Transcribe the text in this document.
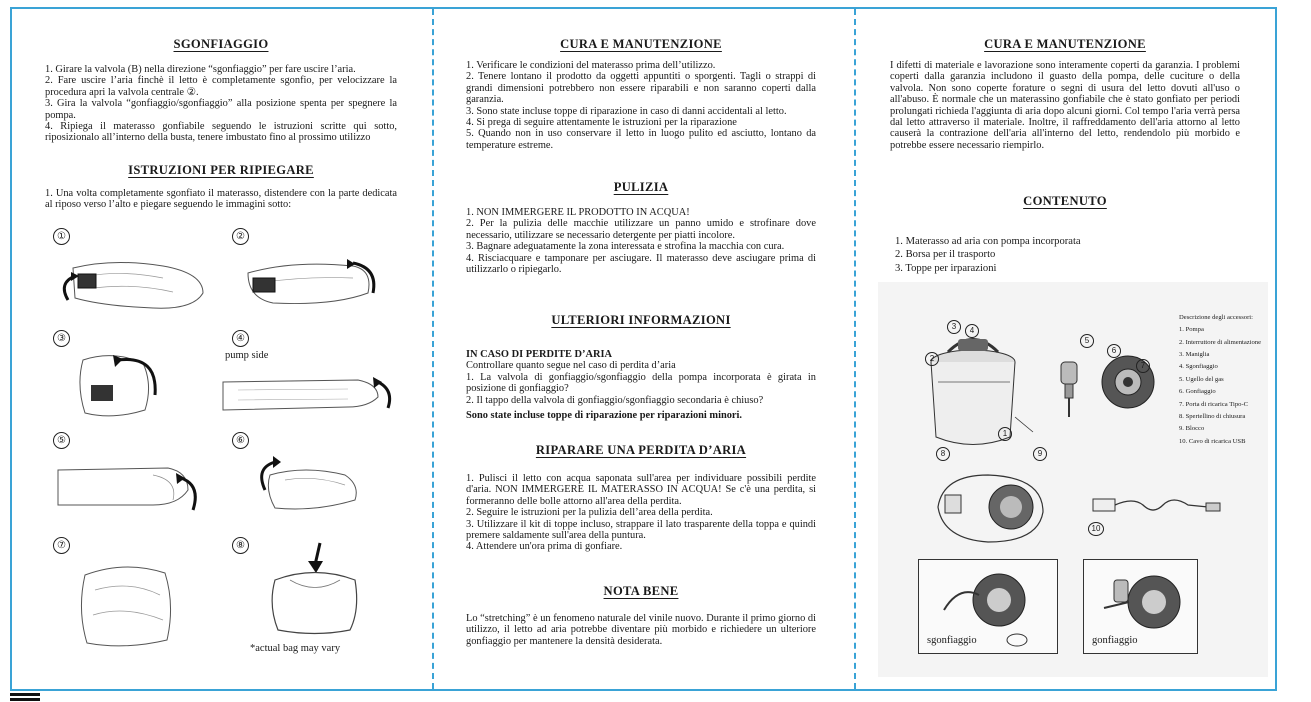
SGONFIAGGIO

1. Girare la valvola (B) nella direzione “sgonfiaggio” per fare uscire l’aria.

2. Fare uscire l’aria finchè il letto è completamente sgonfio, per velocizzare la procedura apri la valvola centrale ②.

3. Gira la valvola “gonfiaggio/sgonfiaggio” alla posizione spenta per spegnere la pompa.

4. Ripiega il materasso gonfiabile seguendo le istruzioni scritte qui sotto, riposizionalo all’interno della busta, tenere imbustato fino al prossimo utilizzo

ISTRUZIONI PER RIPIEGARE

1. Una volta completamente sgonfiato il materasso, distendere con la parte dedicata al riposo verso l’alto e piegare seguendo le immagini sotto:

①	②
③	④
⑤	⑥
⑦	⑧
pump side
*actual bag may vary
CURA E MANUTENZIONE

1. Verificare le condizioni del materasso prima dell’utilizzo.

2. Tenere lontano il prodotto da oggetti appuntiti o sporgenti. Tagli o strappi di grandi dimensioni potrebbero non essere riparabili e non saranno coperti dalla garanzia.

3. Sono state incluse toppe di riparazione in caso di danni accidentali al letto.

4. Si prega di seguire attentamente le istruzioni per la riparazione

5. Quando non in uso conservare il letto in luogo pulito ed asciutto, lontano da temperature estreme.

PULIZIA

1. NON IMMERGERE IL PRODOTTO IN ACQUA!

2. Per la pulizia delle macchie utilizzare un panno umido e strofinare dove necessario, utilizzare se necessario detergente per piatti incolore.

3. Bagnare adeguatamente la zona interessata e strofina la macchia con cura.

4. Risciacquare e tamponare per asciugare. Il materasso deve asciugare prima di utilizzarlo o ripiegarlo.

ULTERIORI INFORMAZIONI

IN CASO DI PERDITE D’ARIA

Controllare quanto segue nel caso di perdita d’aria

1. La valvola di gonfiaggio/sgonfiaggio della pompa incorporata è girata in posizione di gonfiaggio?

2. Il tappo della valvola di gonfiaggio/sgonfiaggio secondaria è chiuso?

Sono state incluse toppe di riparazione per riparazioni minori.

RIPARARE UNA PERDITA D’ARIA

1. Pulisci il letto con acqua saponata sull'area per individuare possibili perdite d'aria. NON IMMERGERE IL MATERASSO IN ACQUA! Se c'è una perdita, si formeranno delle bolle attorno all'area della perdita.

2. Seguire le istruzioni per la pulizia dell’area della perdita.

3. Utilizzare il kit di toppe incluso, strappare il lato trasparente della toppa e quindi premere saldamente sull'area della puntura.

4. Attendere un'ora prima di gonfiare.

NOTA BENE

Lo “stretching” è un fenomeno naturale del vinile nuovo. Durante il primo giorno di utilizzo, il letto ad aria potrebbe diventare più morbido e richiedere un ulteriore gonfiaggio per mantenere la densità desiderata.

CURA E MANUTENZIONE

I difetti di materiale e lavorazione sono interamente coperti da garanzia. I problemi coperti dalla garanzia includono il guasto della pompa, delle cuciture o della valvola. Non sono coperte forature o segni di usura del letto dovuti all'uso o all'abuso. È normale che un materassino gonfiabile che è stato gonfiato per periodi prolungati richieda l'aggiunta di aria dopo alcuni giorni. Col tempo l'aria verrà persa dal letto attraverso il materiale. Inoltre, il raffreddamento dell'aria attorno al letto causerà la contrazione dell'aria all'interno del letto, rendendolo più morbido e potrebbe essere necessario riempirlo.

CONTENUTO

1. Materasso ad aria con pompa incorporata

2. Borsa per il trasporto

3. Toppe per irparazioni

Descrizione degli accessori:

1. Pompa

2. Interruttore di alimentazione

3. Maniglia

4. Sgonfiaggio

5. Ugello del gas

6. Gonfiaggio

7. Porta di ricarica Tipo-C

8. Spertellino di chiusura

9. Blocco

10. Cavo di ricarica USB

3	4
2
1
5
6
7
8	9
10
sgonfiaggio	gonfiaggio
